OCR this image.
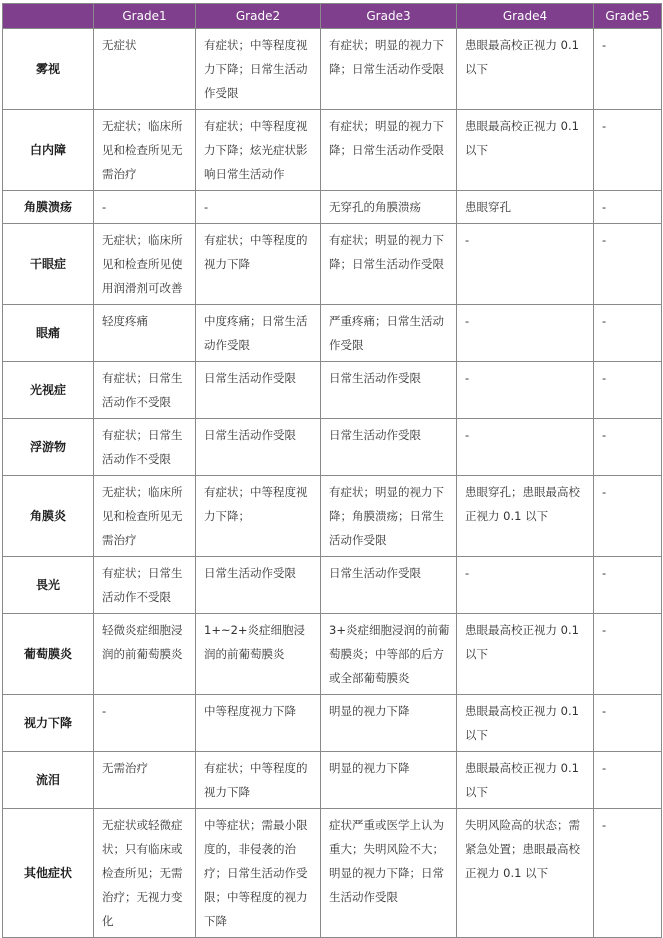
	Grade1	Grade2	Grade3	Grade4	Grade5
雾视	无症状	有症状；中等程度视力下降；日常生活动作受限	有症状；明显的视力下降；日常生活动作受限	患眼最高校正视力 0.1 以下	-
白内障	无症状；临床所见和检查所见无需治疗	有症状；中等程度视力下降；炫光症状影响日常生活动作	有症状；明显的视力下降；日常生活动作受限	患眼最高校正视力 0.1 以下	-
角膜溃疡	-	-	无穿孔的角膜溃疡	患眼穿孔	-
干眼症	无症状；临床所见和检查所见使用润滑剂可改善	有症状；中等程度的视力下降	有症状；明显的视力下降；日常生活动作受限	-	-
眼痛	轻度疼痛	中度疼痛；日常生活动作受限	严重疼痛；日常生活动作受限	-	-
光视症	有症状；日常生活动作不受限	日常生活动作受限	日常生活动作受限	-	-
浮游物	有症状；日常生活动作不受限	日常生活动作受限	日常生活动作受限	-	-
角膜炎	无症状；临床所见和检查所见无需治疗	有症状；中等程度视力下降；	有症状；明显的视力下降；角膜溃疡；日常生活动作受限	患眼穿孔；患眼最高校正视力 0.1 以下	-
畏光	有症状；日常生活动作不受限	日常生活动作受限	日常生活动作受限	-	-
葡萄膜炎	轻微炎症细胞浸润的前葡萄膜炎	1+~2+炎症细胞浸润的前葡萄膜炎	3+炎症细胞浸润的前葡萄膜炎；中等部的后方或全部葡萄膜炎	患眼最高校正视力 0.1 以下	-
视力下降	-	中等程度视力下降	明显的视力下降	患眼最高校正视力 0.1 以下	-
流泪	无需治疗	有症状；中等程度的视力下降	明显的视力下降	患眼最高校正视力 0.1 以下	-
其他症状	无症状或轻微症状；只有临床或检查所见；无需治疗；无视力变化	中等症状；需最小限度的，非侵袭的治疗；日常生活动作受限；中等程度的视力下降	症状严重或医学上认为重大；失明风险不大；明显的视力下降；日常生活动作受限	失明风险高的状态；需紧急处置；患眼最高校正视力 0.1 以下	-
